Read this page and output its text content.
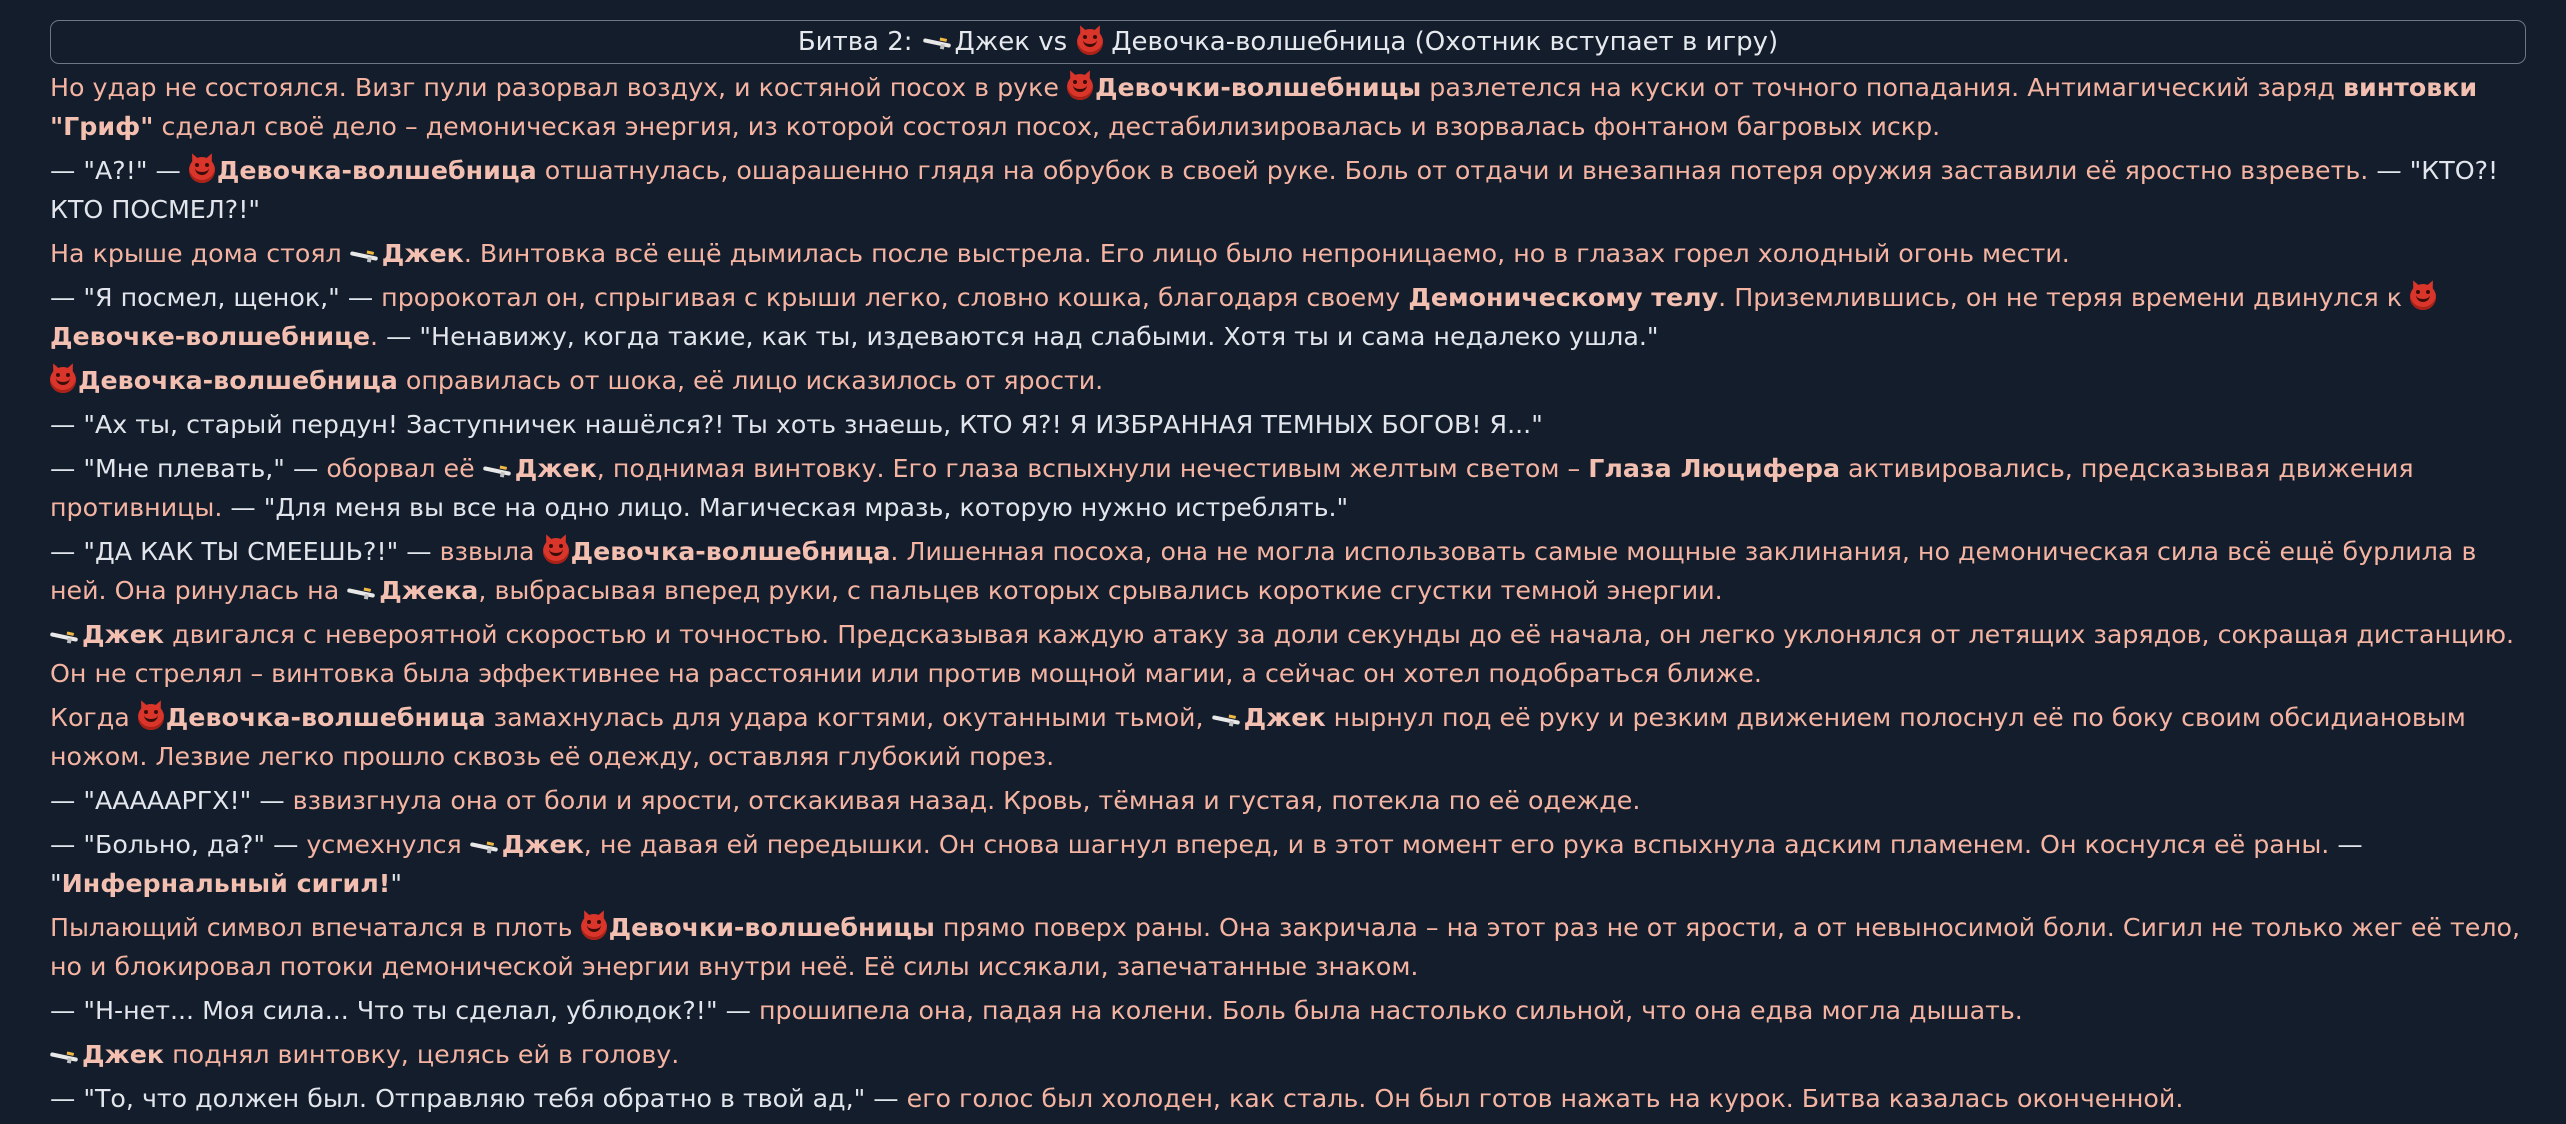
Битва 2: Джек vs Девочка-волшебница (Охотник вступает в игру)

Но удар не состоялся. Визг пули разорвал воздух, и костяной посох в руке
Девочки-волшебницы разлетелся на куски от точного попадания. Антимагический заряд винтовки "Гриф" сделал своё дело – демоническая энергия, из которой состоял посох, дестабилизировалась и взорвалась фонтаном багровых искр.

— "А?!" —
Девочка-волшебница отшатнулась, ошарашенно глядя на обрубок в своей руке. Боль от отдачи и внезапная потеря оружия заставили её яростно взреветь. — "КТО?! КТО ПОСМЕЛ?!"

На крыше дома стоял
Джек. Винтовка всё ещё дымилась после выстрела. Его лицо было непроницаемо, но в глазах горел холодный огонь мести.

— "Я посмел, щенок," — пророкотал он, спрыгивая с крыши легко, словно кошка, благодаря своему Демоническому телу. Приземлившись, он не теряя времени двинулся к
Девочке-волшебнице. — "Ненавижу, когда такие, как ты, издеваются над слабыми. Хотя ты и сама недалеко ушла."

Девочка-волшебница оправилась от шока, её лицо исказилось от ярости.

— "Ах ты, старый пердун! Заступничек нашёлся?! Ты хоть знаешь, КТО Я?! Я ИЗБРАННАЯ ТЕМНЫХ БОГОВ! Я..."

— "Мне плевать," — оборвал её
Джек, поднимая винтовку. Его глаза вспыхнули нечестивым желтым светом – Глаза Люцифера активировались, предсказывая движения противницы. — "Для меня вы все на одно лицо. Магическая мразь, которую нужно истреблять."

— "ДА КАК ТЫ СМЕЕШЬ?!" — взвыла
Девочка-волшебница. Лишенная посоха, она не могла использовать самые мощные заклинания, но демоническая сила всё ещё бурлила в ней. Она ринулась на
Джека, выбрасывая вперед руки, с пальцев которых срывались короткие сгустки темной энергии.

Джек двигался с невероятной скоростью и точностью. Предсказывая каждую атаку за доли секунды до её начала, он легко уклонялся от летящих зарядов, сокращая дистанцию. Он не стрелял – винтовка была эффективнее на расстоянии или против мощной магии, а сейчас он хотел подобраться ближе.

Когда
Девочка-волшебница замахнулась для удара когтями, окутанными тьмой,
Джек нырнул под её руку и резким движением полоснул её по боку своим обсидиановым ножом. Лезвие легко прошло сквозь её одежду, оставляя глубокий порез.

— "АААААРГХ!" — взвизгнула она от боли и ярости, отскакивая назад. Кровь, тёмная и густая, потекла по её одежде.

— "Больно, да?" — усмехнулся
Джек, не давая ей передышки. Он снова шагнул вперед, и в этот момент его рука вспыхнула адским пламенем. Он коснулся её раны. — "Инфернальный сигил!"

Пылающий символ впечатался в плоть
Девочки-волшебницы прямо поверх раны. Она закричала – на этот раз не от ярости, а от невыносимой боли. Сигил не только жег её тело, но и блокировал потоки демонической энергии внутри неё. Её силы иссякали, запечатанные знаком.

— "Н-нет... Моя сила... Что ты сделал, ублюдок?!" — прошипела она, падая на колени. Боль была настолько сильной, что она едва могла дышать.

Джек поднял винтовку, целясь ей в голову.

— "То, что должен был. Отправляю тебя обратно в твой ад," — его голос был холоден, как сталь. Он был готов нажать на курок. Битва казалась оконченной.
